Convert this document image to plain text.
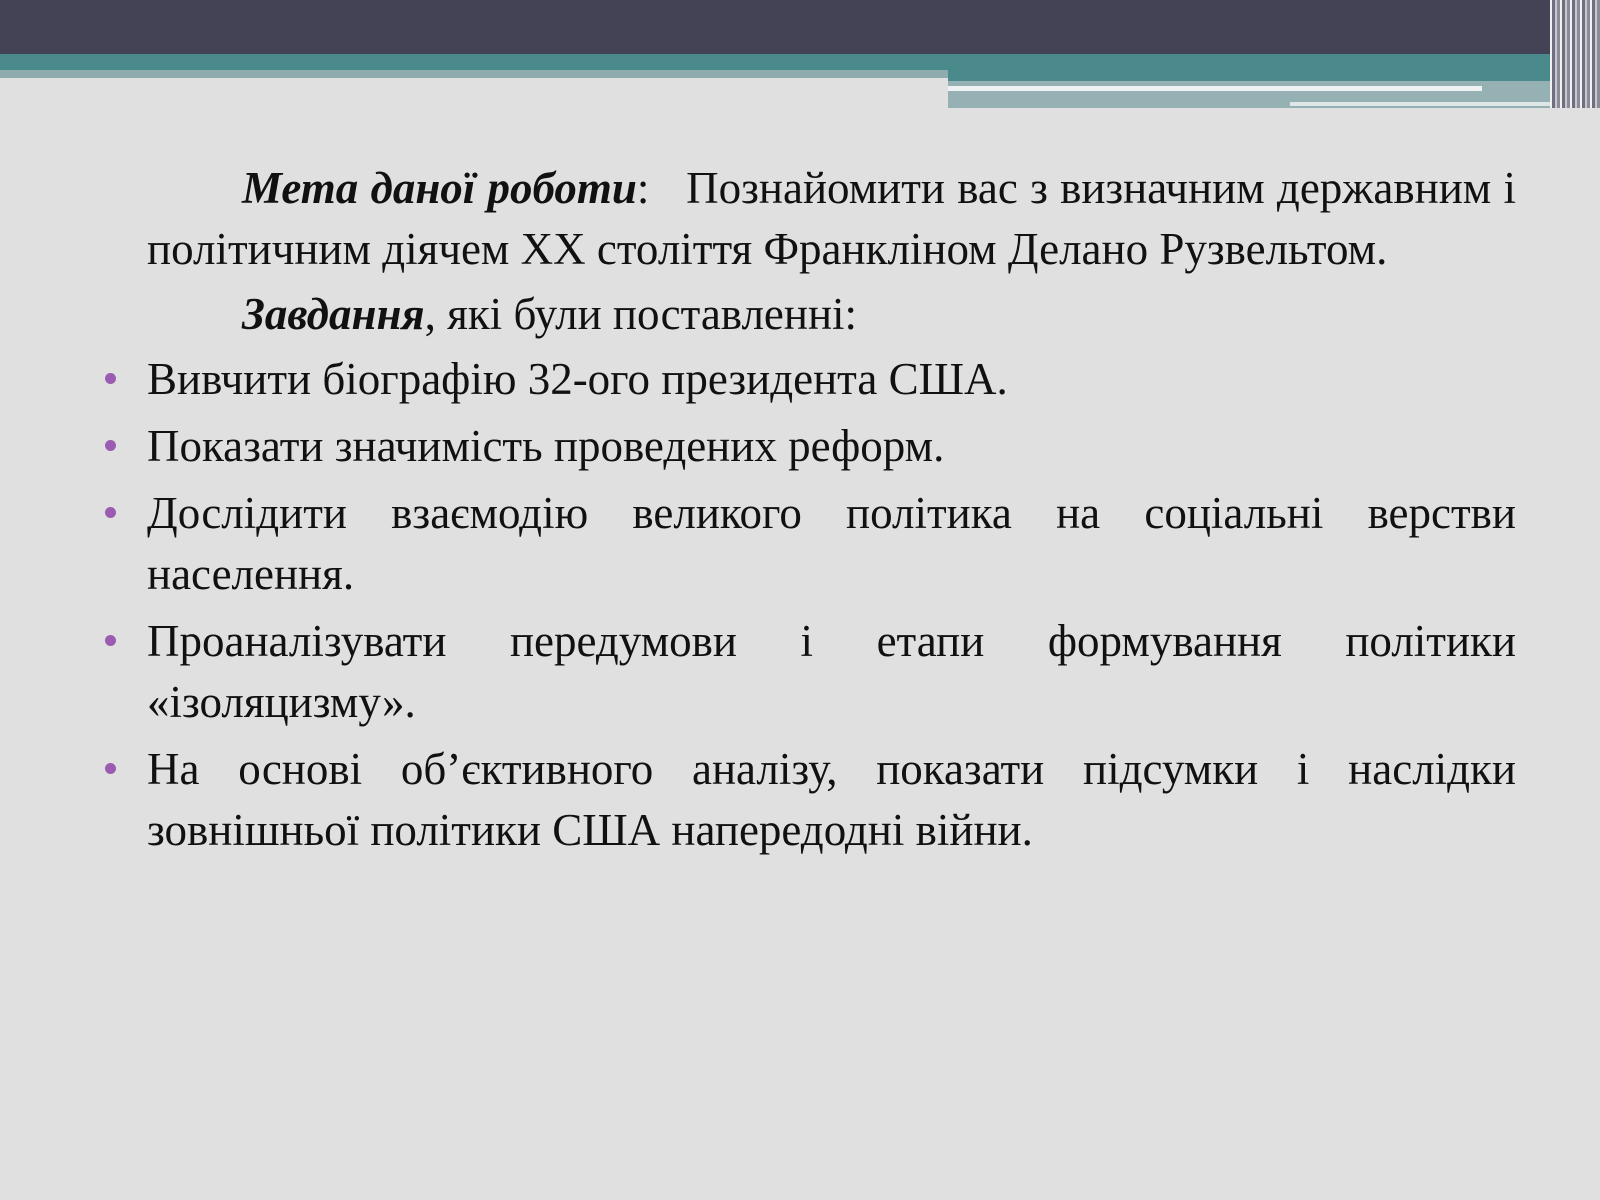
Мета даної роботи: Познайомити вас з визначним державним і політичним діячем ХХ століття Франкліном Делано Рузвельтом.

Завдання, які були поставленні:

Вивчити біографію 32-ого президента США.
Показати значимість проведених реформ.
Дослідити взаємодію великого політика на соціальні верстви населення.
Проаналізувати передумови і етапи формування політики «ізоляцизму».
На основі об’єктивного аналізу, показати підсумки і наслідки зовнішньої політики США напередодні війни.
